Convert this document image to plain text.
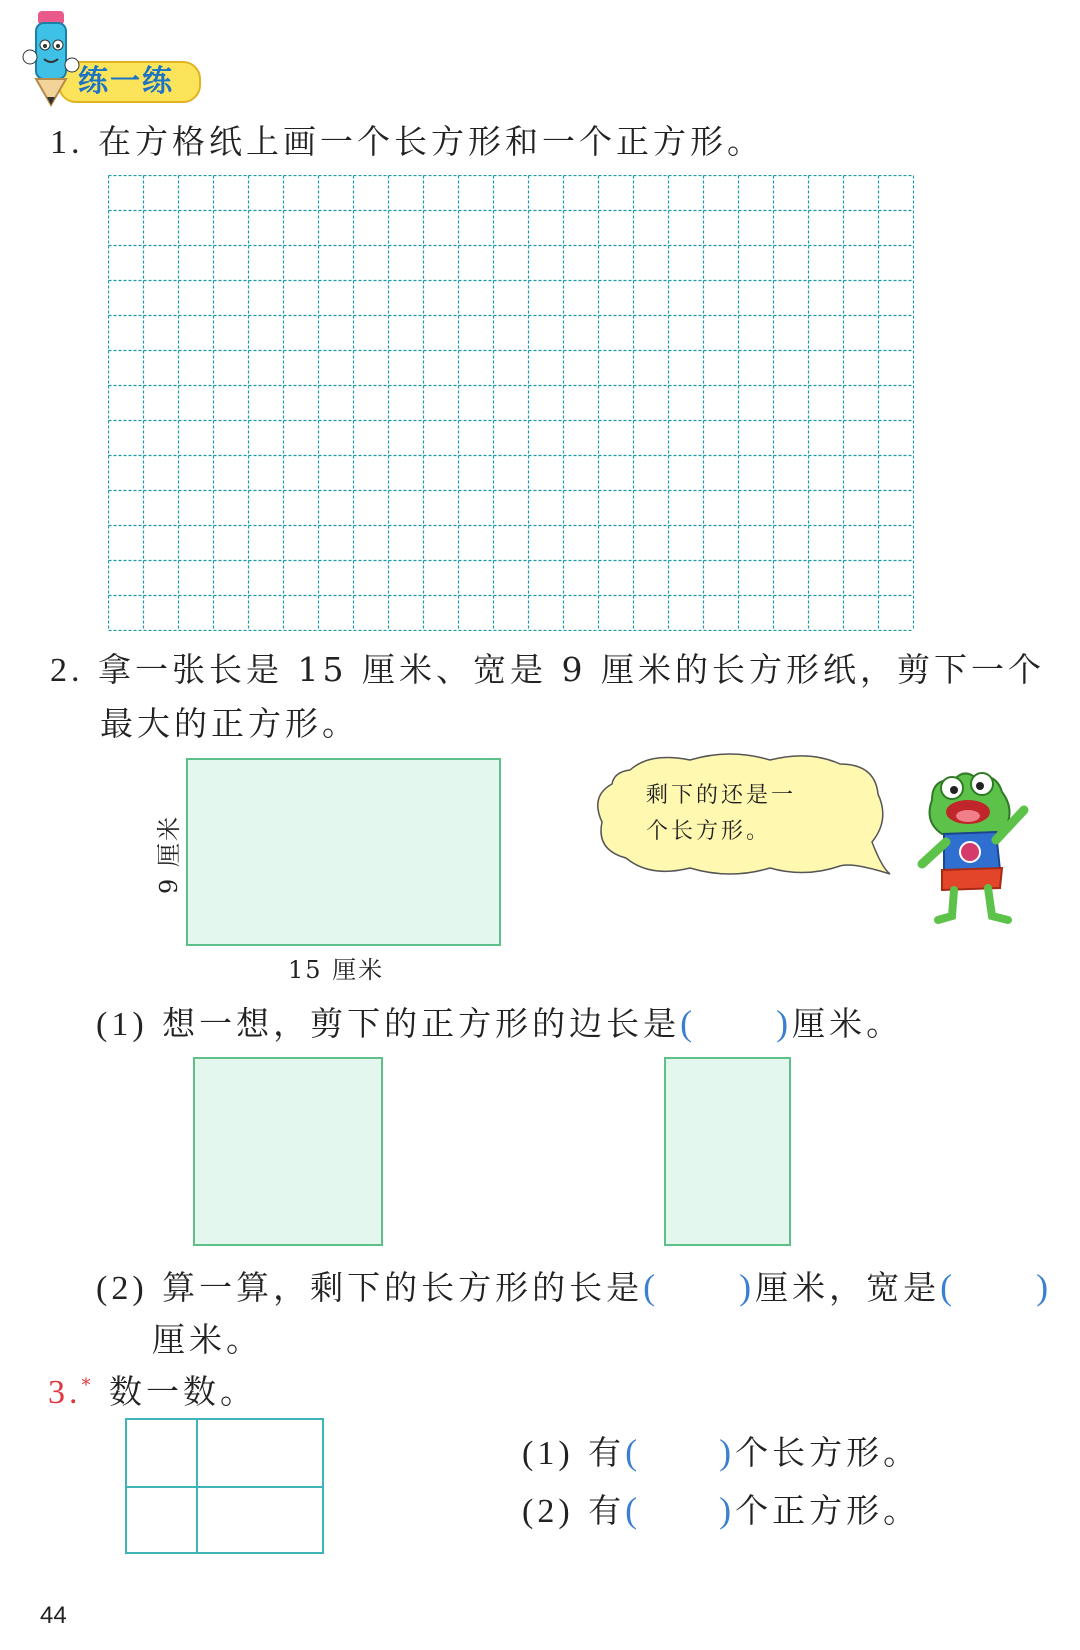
练一练
1. 在方格纸上画一个长方形和一个正方形。
2. 拿一张长是 15 厘米、宽是 9 厘米的长方形纸，剪下一个
最大的正方形。
9 厘米
15 厘米
剩下的还是一
个长方形。
(1) 想一想，剪下的正方形的边长是( )厘米。
(2) 算一算，剩下的长方形的长是( )厘米，宽是( )
厘米。
3.* 数一数。
(1) 有( )个长方形。
(2) 有( )个正方形。
44
